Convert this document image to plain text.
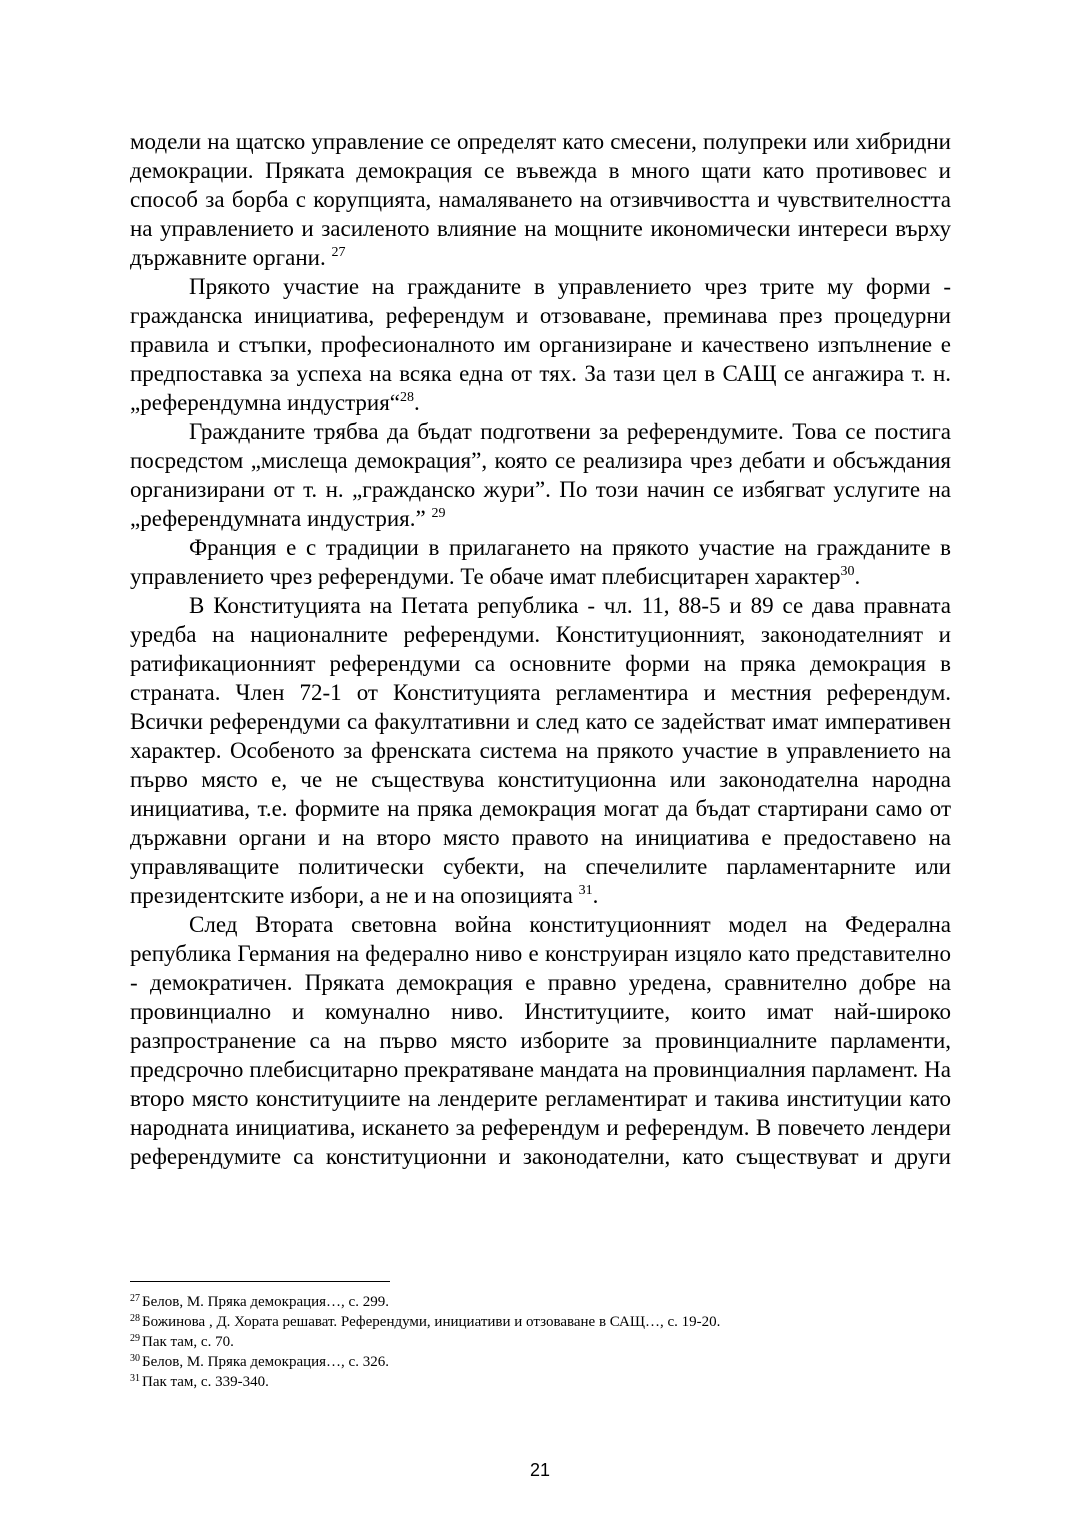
модели на щатско управление се определят като смесени, полупреки или хибридни демокрации. Пряката демокрация се въвежда в много щати като противовес и способ за борба с корупцията, намаляването на отзивчивостта и чувствителността на управлението и засиленото влияние на мощните икономически интереси върху държавните органи. $^{27}$

Прякото участие на гражданите в управлението чрез трите му форми - гражданска инициатива, референдум и отзоваване, преминава през процедурни правила и стъпки, професионалното им организиране и качествено изпълнение е предпоставка за успеха на всяка една от тях. За тази цел в САЩ се ангажира т. н. „референдумна индустрия“$^{28}$.

Гражданите трябва да бъдат подготвени за референдумите. Това се постига посредстом „мислеща демокрация”, която се реализира чрез дебати и обсъждания организирани от т. н. „гражданско жури”. По този начин се избягват услугите на „референдумната индустрия.” $^{29}$

Франция е с традиции в прилагането на прякото участие на гражданите в управлението чрез референдуми. Те обаче имат плебисцитарен характер$^{30}$.

В Конституцията на Петата република - чл. 11, 88-5 и 89 се дава правната уредба на националните референдуми. Конституционният, законодателният и ратификационният референдуми са основните форми на пряка демокрация в страната. Член 72-1 от Конституцията регламентира и местния референдум. Всички референдуми са факултативни и след като се задействат имат императивен характер. Особеното за френската система на прякото участие в управлението на първо място е, че не съществува конституционна или законодателна народна инициатива, т.е. формите на пряка демокрация могат да бъдат стартирани само от държавни органи и на второ място правото на инициатива е предоставено на управляващите политически субекти, на спечелилите парламентарните или президентските избори, а не и на опозицията $^{31}$.

След Втората световна война конституционният модел на Федерална република Германия на федерално ниво е конструиран изцяло като представително - демократичен. Пряката демокрация е правно уредена, сравнително добре на провинциално и комунално ниво. Институциите, които имат най-широко разпространение са на първо място изборите за провинциалните парламенти, предсрочно плебисцитарно прекратяване мандата на провинциалния парламент. На второ място конституциите на лендерите регламентират и такива институции като народната инициатива, искането за референдум и референдум. В повечето лендери референдумите са конституционни и законодателни, като съществуват и други

$^{27}$ Белов, М. Пряка демокрация…, с. 299.

$^{28}$ Божинова , Д. Хората решават. Референдуми, инициативи и отзоваване в САЩ…, с. 19-20.

$^{29}$ Пак там, с. 70.

$^{30}$ Белов, М. Пряка демокрация…, с. 326.

$^{31}$ Пак там, с. 339-340.

21
